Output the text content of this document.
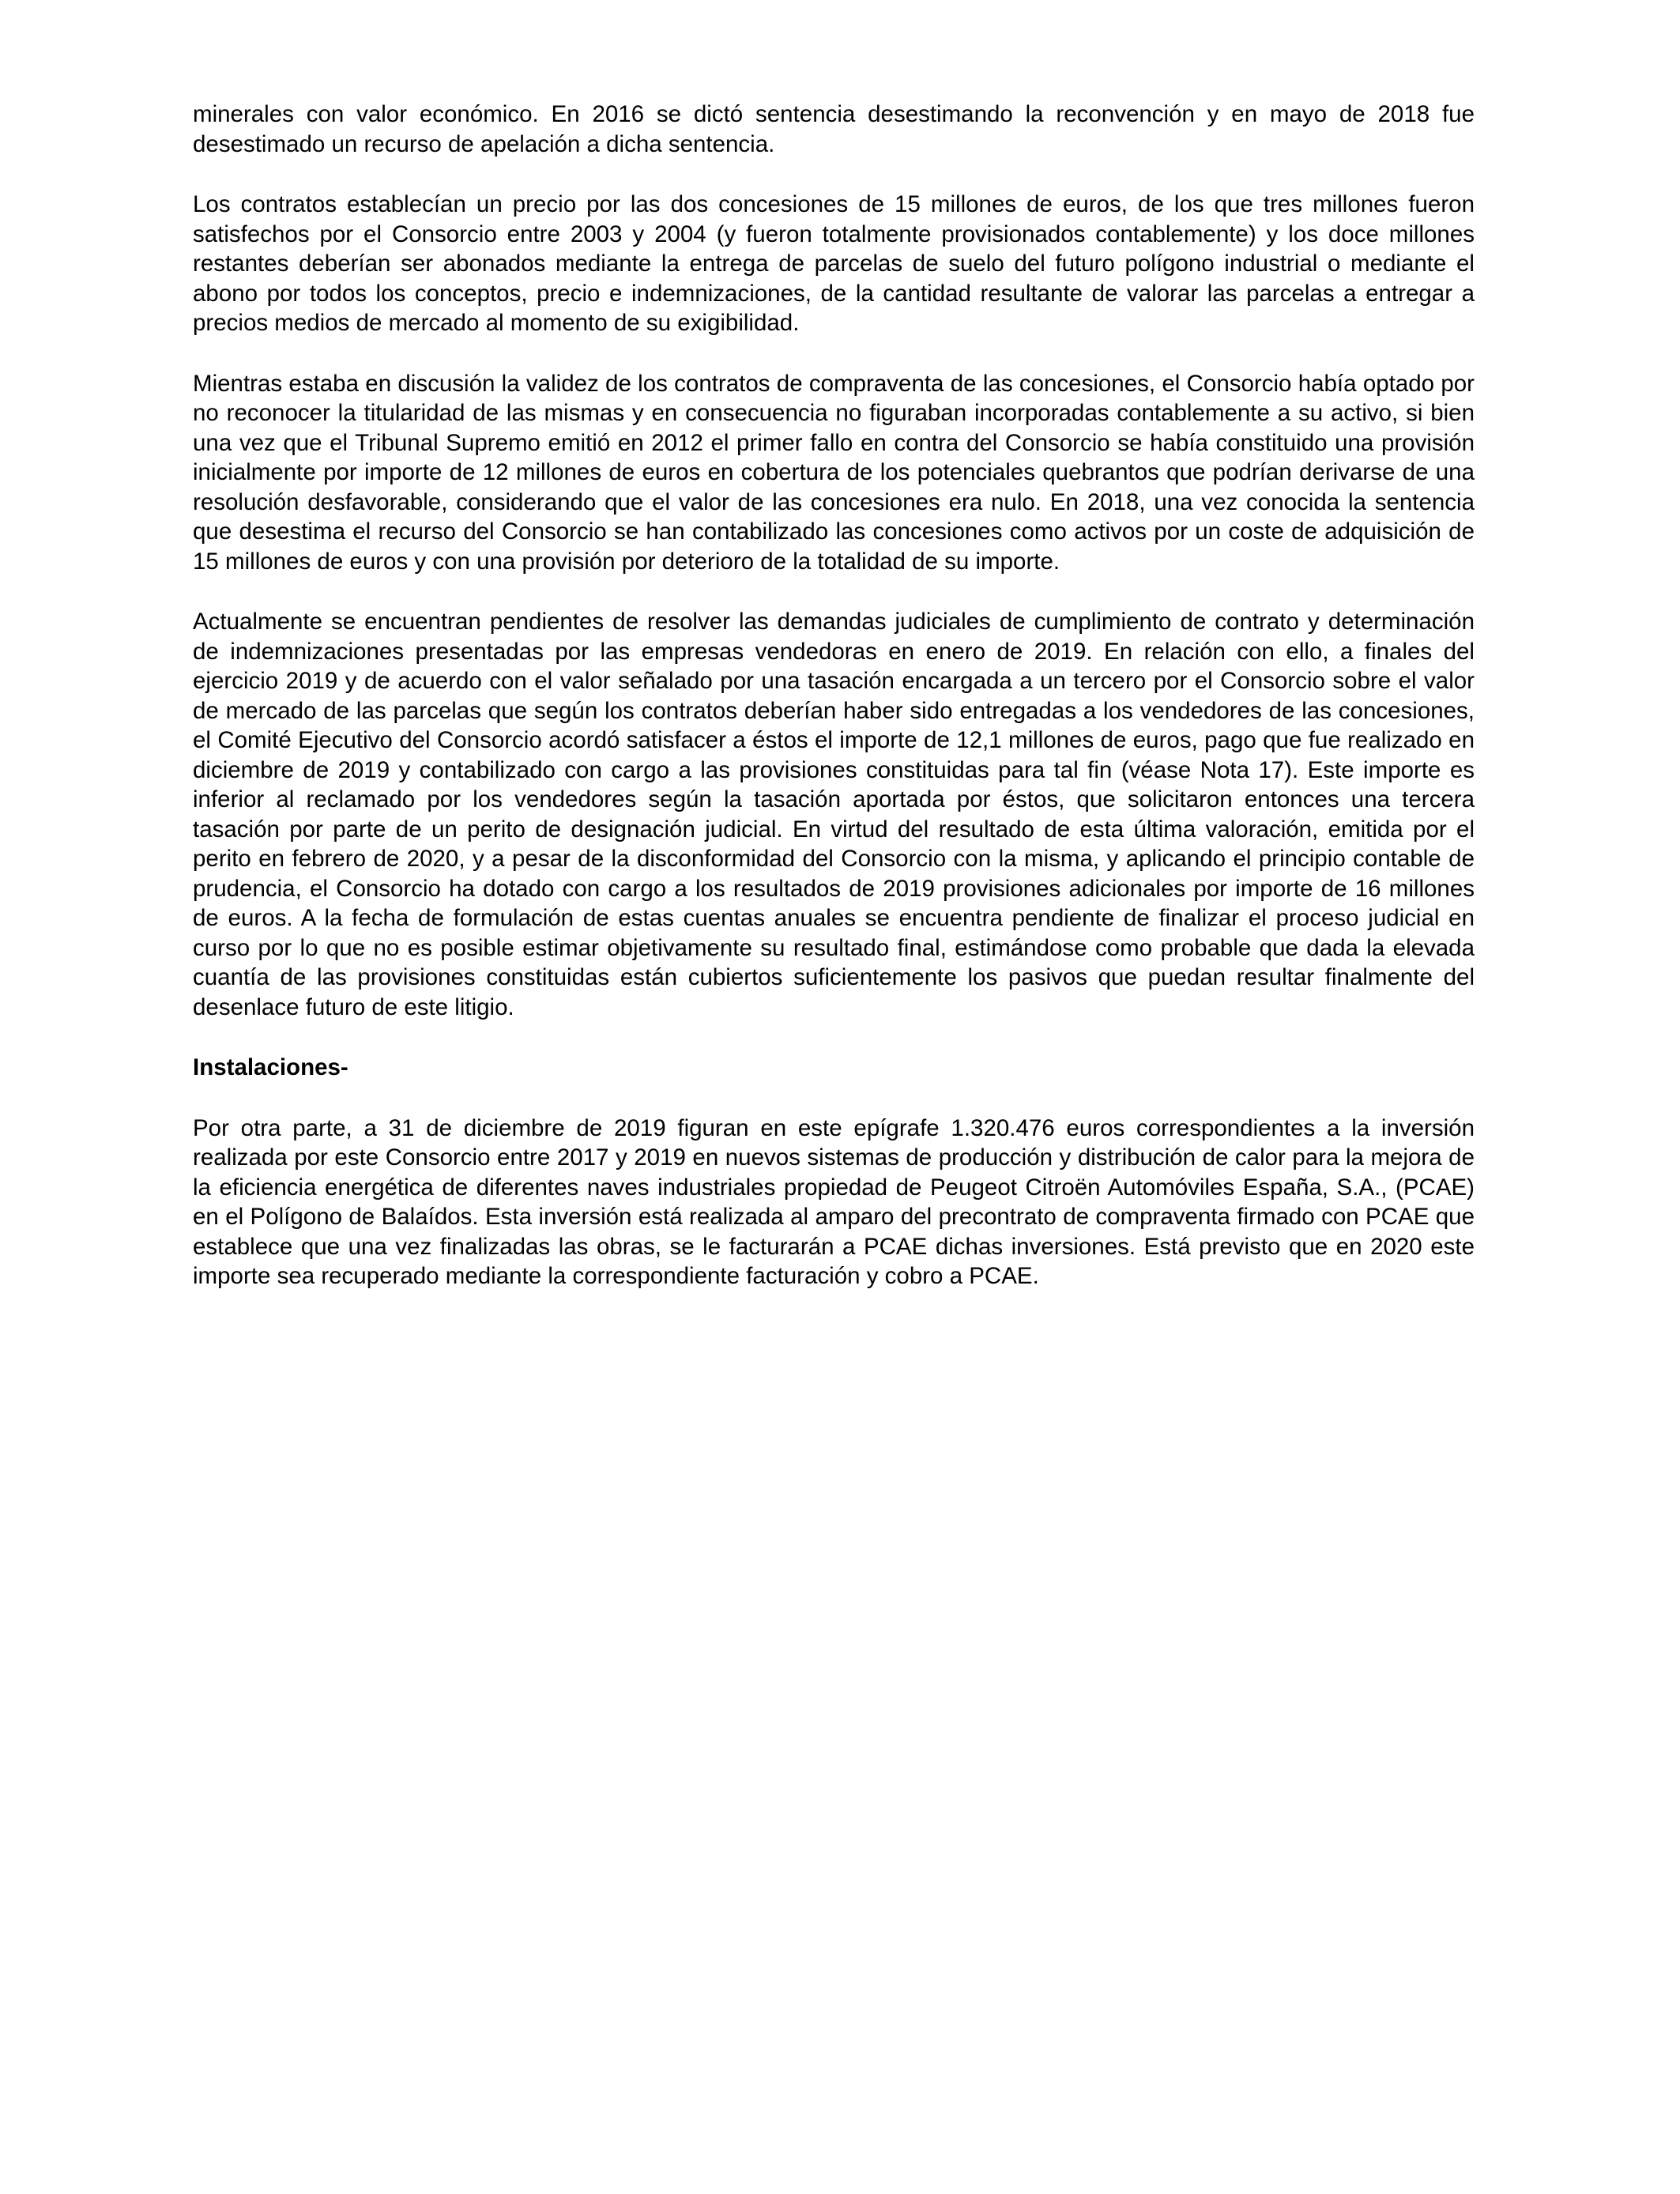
minerales con valor económico. En 2016 se dictó sentencia desestimando la reconvención y en mayo de 2018 fue desestimado un recurso de apelación a dicha sentencia.

Los contratos establecían un precio por las dos concesiones de 15 millones de euros, de los que tres millones fueron satisfechos por el Consorcio entre 2003 y 2004 (y fueron totalmente provisionados contablemente) y los doce millones restantes deberían ser abonados mediante la entrega de parcelas de suelo del futuro polígono industrial o mediante el abono por todos los conceptos, precio e indemnizaciones, de la cantidad resultante de valorar las parcelas a entregar a precios medios de mercado al momento de su exigibilidad.

Mientras estaba en discusión la validez de los contratos de compraventa de las concesiones, el Consorcio había optado por no reconocer la titularidad de las mismas y en consecuencia no figuraban incorporadas contablemente a su activo, si bien una vez que el Tribunal Supremo emitió en 2012 el primer fallo en contra del Consorcio se había constituido una provisión inicialmente por importe de 12 millones de euros en cobertura de los potenciales quebrantos que podrían derivarse de una resolución desfavorable, considerando que el valor de las concesiones era nulo. En 2018, una vez conocida la sentencia que desestima el recurso del Consorcio se han contabilizado las concesiones como activos por un coste de adquisición de 15 millones de euros y con una provisión por deterioro de la totalidad de su importe.

Actualmente se encuentran pendientes de resolver las demandas judiciales de cumplimiento de contrato y determinación de indemnizaciones presentadas por las empresas vendedoras en enero de 2019. En relación con ello, a finales del ejercicio 2019 y de acuerdo con el valor señalado por una tasación encargada a un tercero por el Consorcio sobre el valor de mercado de las parcelas que según los contratos deberían haber sido entregadas a los vendedores de las concesiones, el Comité Ejecutivo del Consorcio acordó satisfacer a éstos el importe de 12,1 millones de euros, pago que fue realizado en diciembre de 2019 y contabilizado con cargo a las provisiones constituidas para tal fin (véase Nota 17). Este importe es inferior al reclamado por los vendedores según la tasación aportada por éstos, que solicitaron entonces una tercera tasación por parte de un perito de designación judicial. En virtud del resultado de esta última valoración, emitida por el perito en febrero de 2020, y a pesar de la disconformidad del Consorcio con la misma, y aplicando el principio contable de prudencia, el Consorcio ha dotado con cargo a los resultados de 2019 provisiones adicionales por importe de 16 millones de euros. A la fecha de formulación de estas cuentas anuales se encuentra pendiente de finalizar el proceso judicial en curso por lo que no es posible estimar objetivamente su resultado final, estimándose como probable que dada la elevada cuantía de las provisiones constituidas están cubiertos suficientemente los pasivos que puedan resultar finalmente del desenlace futuro de este litigio.

Instalaciones-

Por otra parte, a 31 de diciembre de 2019 figuran en este epígrafe 1.320.476 euros correspondientes a la inversión realizada por este Consorcio entre 2017 y 2019 en nuevos sistemas de producción y distribución de calor para la mejora de la eficiencia energética de diferentes naves industriales propiedad de Peugeot Citroën Automóviles España, S.A., (PCAE) en el Polígono de Balaídos. Esta inversión está realizada al amparo del precontrato de compraventa firmado con PCAE que establece que una vez finalizadas las obras, se le facturarán a PCAE dichas inversiones. Está previsto que en 2020 este importe sea recuperado mediante la correspondiente facturación y cobro a PCAE.
